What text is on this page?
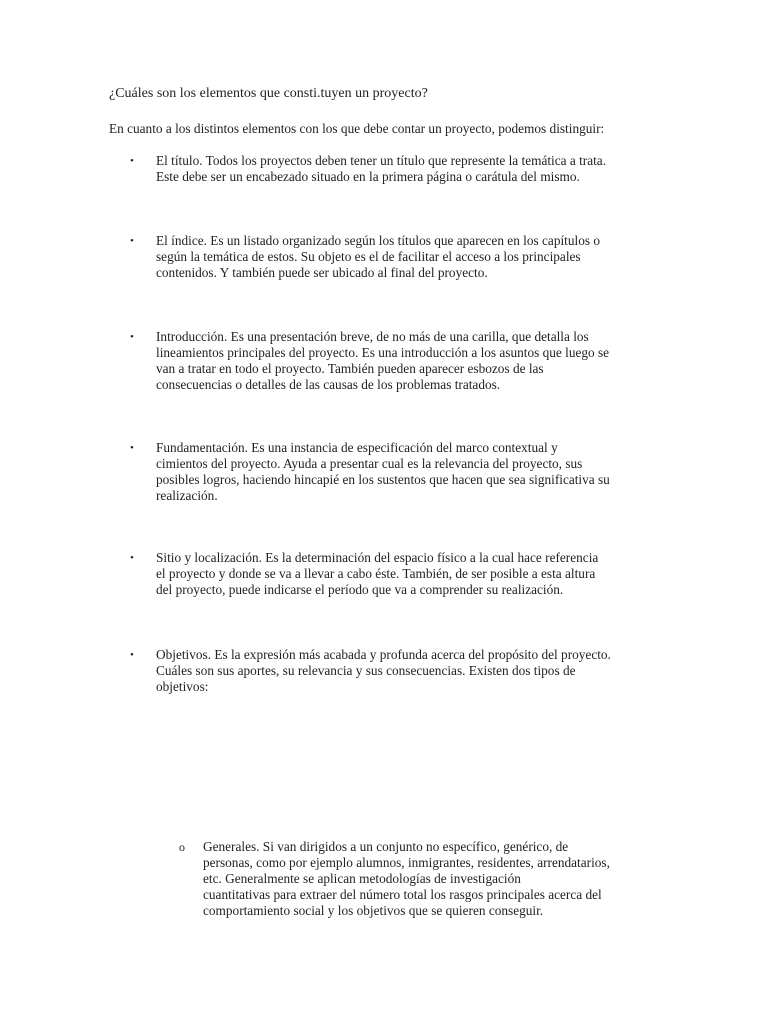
¿Cuáles son los elementos que consti.tuyen un proyecto?
En cuanto a los distintos elementos con los que debe contar un proyecto, podemos distinguir:
• El título. Todos los proyectos deben tener un título que represente la temática a trata.
Este debe ser un encabezado situado en la primera página o carátula del mismo.
• El índice. Es un listado organizado según los títulos que aparecen en los capítulos o
según la temática de estos. Su objeto es el de facilitar el acceso a los principales
contenidos. Y también puede ser ubicado al final del proyecto.
• Introducción. Es una presentación breve, de no más de una carilla, que detalla los
lineamientos principales del proyecto. Es una introducción a los asuntos que luego se
van a tratar en todo el proyecto. También pueden aparecer esbozos de las
consecuencias o detalles de las causas de los problemas tratados.
• Fundamentación. Es una instancia de especificación del marco contextual y
cimientos del proyecto. Ayuda a presentar cual es la relevancia del proyecto, sus
posibles logros, haciendo hincapié en los sustentos que hacen que sea significativa su
realización.
• Sitio y localización. Es la determinación del espacio físico a la cual hace referencia
el proyecto y donde se va a llevar a cabo éste. También, de ser posible a esta altura
del proyecto, puede indicarse el período que va a comprender su realización.
• Objetivos. Es la expresión más acabada y profunda acerca del propósito del proyecto.
Cuáles son sus aportes, su relevancia y sus consecuencias. Existen dos tipos de
objetivos:
o Generales. Si van dirigidos a un conjunto no específico, genérico, de
personas, como por ejemplo alumnos, inmigrantes, residentes, arrendatarios,
etc. Generalmente se aplican metodologías de investigación
cuantitativas para extraer del número total los rasgos principales acerca del
comportamiento social y los objetivos que se quieren conseguir.
